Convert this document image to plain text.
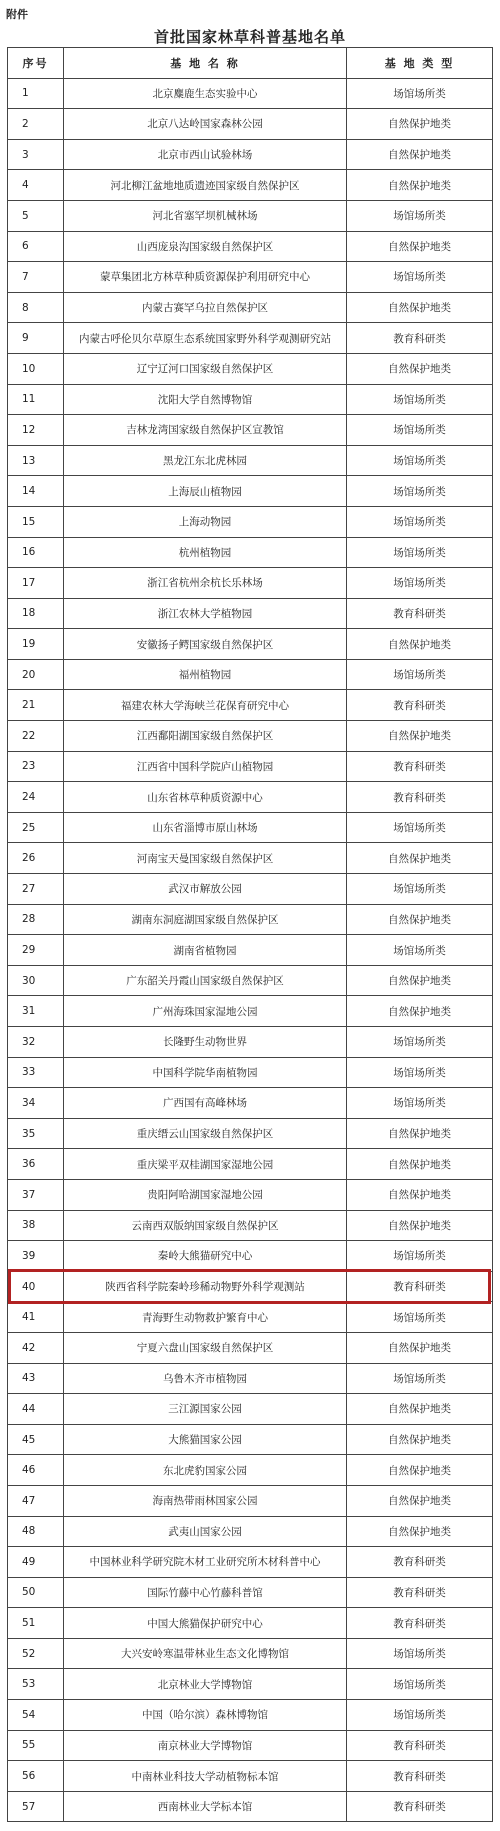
附件
首批国家林草科普基地名单
序号	基 地 名 称	基 地 类 型
1	北京麋鹿生态实验中心	场馆场所类
2	北京八达岭国家森林公园	自然保护地类
3	北京市西山试验林场	自然保护地类
4	河北柳江盆地地质遗迹国家级自然保护区	自然保护地类
5	河北省塞罕坝机械林场	场馆场所类
6	山西庞泉沟国家级自然保护区	自然保护地类
7	蒙草集团北方林草种质资源保护利用研究中心	场馆场所类
8	内蒙古赛罕乌拉自然保护区	自然保护地类
9	内蒙古呼伦贝尔草原生态系统国家野外科学观测研究站	教育科研类
10	辽宁辽河口国家级自然保护区	自然保护地类
11	沈阳大学自然博物馆	场馆场所类
12	吉林龙湾国家级自然保护区宣教馆	场馆场所类
13	黑龙江东北虎林园	场馆场所类
14	上海辰山植物园	场馆场所类
15	上海动物园	场馆场所类
16	杭州植物园	场馆场所类
17	浙江省杭州余杭长乐林场	场馆场所类
18	浙江农林大学植物园	教育科研类
19	安徽扬子鳄国家级自然保护区	自然保护地类
20	福州植物园	场馆场所类
21	福建农林大学海峡兰花保育研究中心	教育科研类
22	江西鄱阳湖国家级自然保护区	自然保护地类
23	江西省中国科学院庐山植物园	教育科研类
24	山东省林草种质资源中心	教育科研类
25	山东省淄博市原山林场	场馆场所类
26	河南宝天曼国家级自然保护区	自然保护地类
27	武汉市解放公园	场馆场所类
28	湖南东洞庭湖国家级自然保护区	自然保护地类
29	湖南省植物园	场馆场所类
30	广东韶关丹霞山国家级自然保护区	自然保护地类
31	广州海珠国家湿地公园	自然保护地类
32	长隆野生动物世界	场馆场所类
33	中国科学院华南植物园	场馆场所类
34	广西国有高峰林场	场馆场所类
35	重庆缙云山国家级自然保护区	自然保护地类
36	重庆梁平双桂湖国家湿地公园	自然保护地类
37	贵阳阿哈湖国家湿地公园	自然保护地类
38	云南西双版纳国家级自然保护区	自然保护地类
39	秦岭大熊猫研究中心	场馆场所类
40	陕西省科学院秦岭珍稀动物野外科学观测站	教育科研类
41	青海野生动物救护繁育中心	场馆场所类
42	宁夏六盘山国家级自然保护区	自然保护地类
43	乌鲁木齐市植物园	场馆场所类
44	三江源国家公园	自然保护地类
45	大熊猫国家公园	自然保护地类
46	东北虎豹国家公园	自然保护地类
47	海南热带雨林国家公园	自然保护地类
48	武夷山国家公园	自然保护地类
49	中国林业科学研究院木材工业研究所木材科普中心	教育科研类
50	国际竹藤中心竹藤科普馆	教育科研类
51	中国大熊猫保护研究中心	教育科研类
52	大兴安岭寒温带林业生态文化博物馆	场馆场所类
53	北京林业大学博物馆	场馆场所类
54	中国（哈尔滨）森林博物馆	场馆场所类
55	南京林业大学博物馆	教育科研类
56	中南林业科技大学动植物标本馆	教育科研类
57	西南林业大学标本馆	教育科研类
